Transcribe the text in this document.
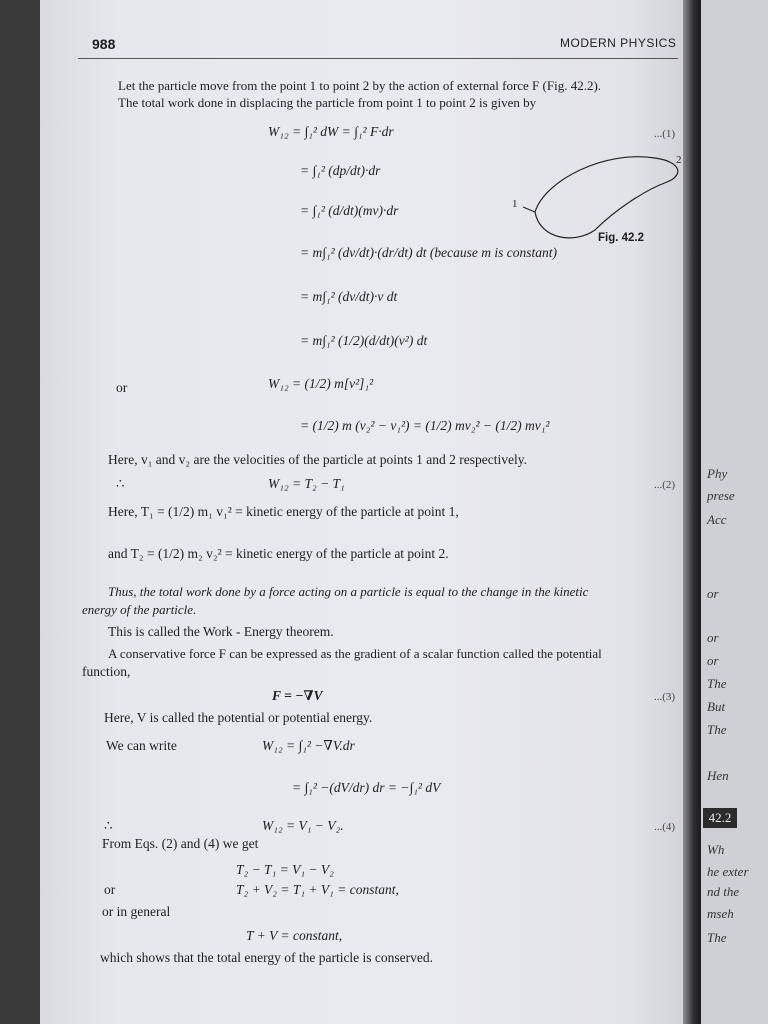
Phy
prese
Acc
or
or
or
The
But
The
Hen
42.2
Wh
he exter
nd the
mseh
The
988	MODERN PHYSICS
Let the particle move from the point 1 to point 2 by the action of external force F (Fig. 42.2).
The total work done in displacing the particle from point 1 to point 2 is given by
1
2
Fig. 42.2
W₁₂ = ∫₁² dW = ∫₁² F·dr	...(1)
= ∫₁² (dp/dt)·dr
= ∫₁² (d/dt)(mv)·dr
= m∫₁² (dv/dt)·(dr/dt) dt (because m is constant)
= m∫₁² (dv/dt)·v dt
= m∫₁² (1/2)(d/dt)(v²) dt
or	W₁₂ = (1/2) m[v²]₁²
= (1/2) m (v₂² − v₁²) = (1/2) mv₂² − (1/2) mv₁²
Here, v₁ and v₂ are the velocities of the particle at points 1 and 2 respectively.
∴	W₁₂ = T₂ − T₁	...(2)
Here, T₁ = (1/2) m₁ v₁² = kinetic energy of the particle at point 1,
and T₂ = (1/2) m₂ v₂² = kinetic energy of the particle at point 2.
Thus, the total work done by a force acting on a particle is equal to the change in the kinetic
energy of the particle.
This is called the Work - Energy theorem.
A conservative force F can be expressed as the gradient of a scalar function called the potential
function,
F = −∇V	...(3)
Here, V is called the potential or potential energy.
We can write	W₁₂ = ∫₁² −∇V.dr
= ∫₁² −(dV/dr) dr = −∫₁² dV
∴	W₁₂ = V₁ − V₂.	...(4)
From Eqs. (2) and (4) we get
T₂ − T₁ = V₁ − V₂
or	T₂ + V₂ = T₁ + V₁ = constant,
or in general
T + V = constant,
which shows that the total energy of the particle is conserved.
